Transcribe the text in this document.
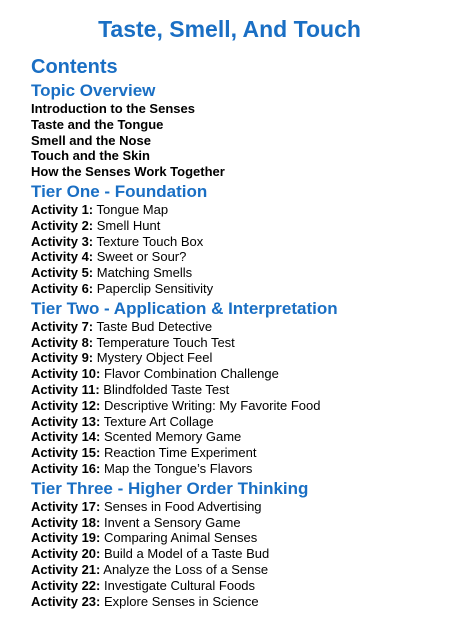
Taste, Smell, And Touch
Contents
Topic Overview
Introduction to the Senses
Taste and the Tongue
Smell and the Nose
Touch and the Skin
How the Senses Work Together
Tier One - Foundation
Activity 1: Tongue Map
Activity 2: Smell Hunt
Activity 3: Texture Touch Box
Activity 4: Sweet or Sour?
Activity 5: Matching Smells
Activity 6: Paperclip Sensitivity
Tier Two - Application & Interpretation
Activity 7: Taste Bud Detective
Activity 8: Temperature Touch Test
Activity 9: Mystery Object Feel
Activity 10: Flavor Combination Challenge
Activity 11: Blindfolded Taste Test
Activity 12: Descriptive Writing: My Favorite Food
Activity 13: Texture Art Collage
Activity 14: Scented Memory Game
Activity 15: Reaction Time Experiment
Activity 16: Map the Tongue’s Flavors
Tier Three - Higher Order Thinking
Activity 17: Senses in Food Advertising
Activity 18: Invent a Sensory Game
Activity 19: Comparing Animal Senses
Activity 20: Build a Model of a Taste Bud
Activity 21: Analyze the Loss of a Sense
Activity 22: Investigate Cultural Foods
Activity 23: Explore Senses in Science
